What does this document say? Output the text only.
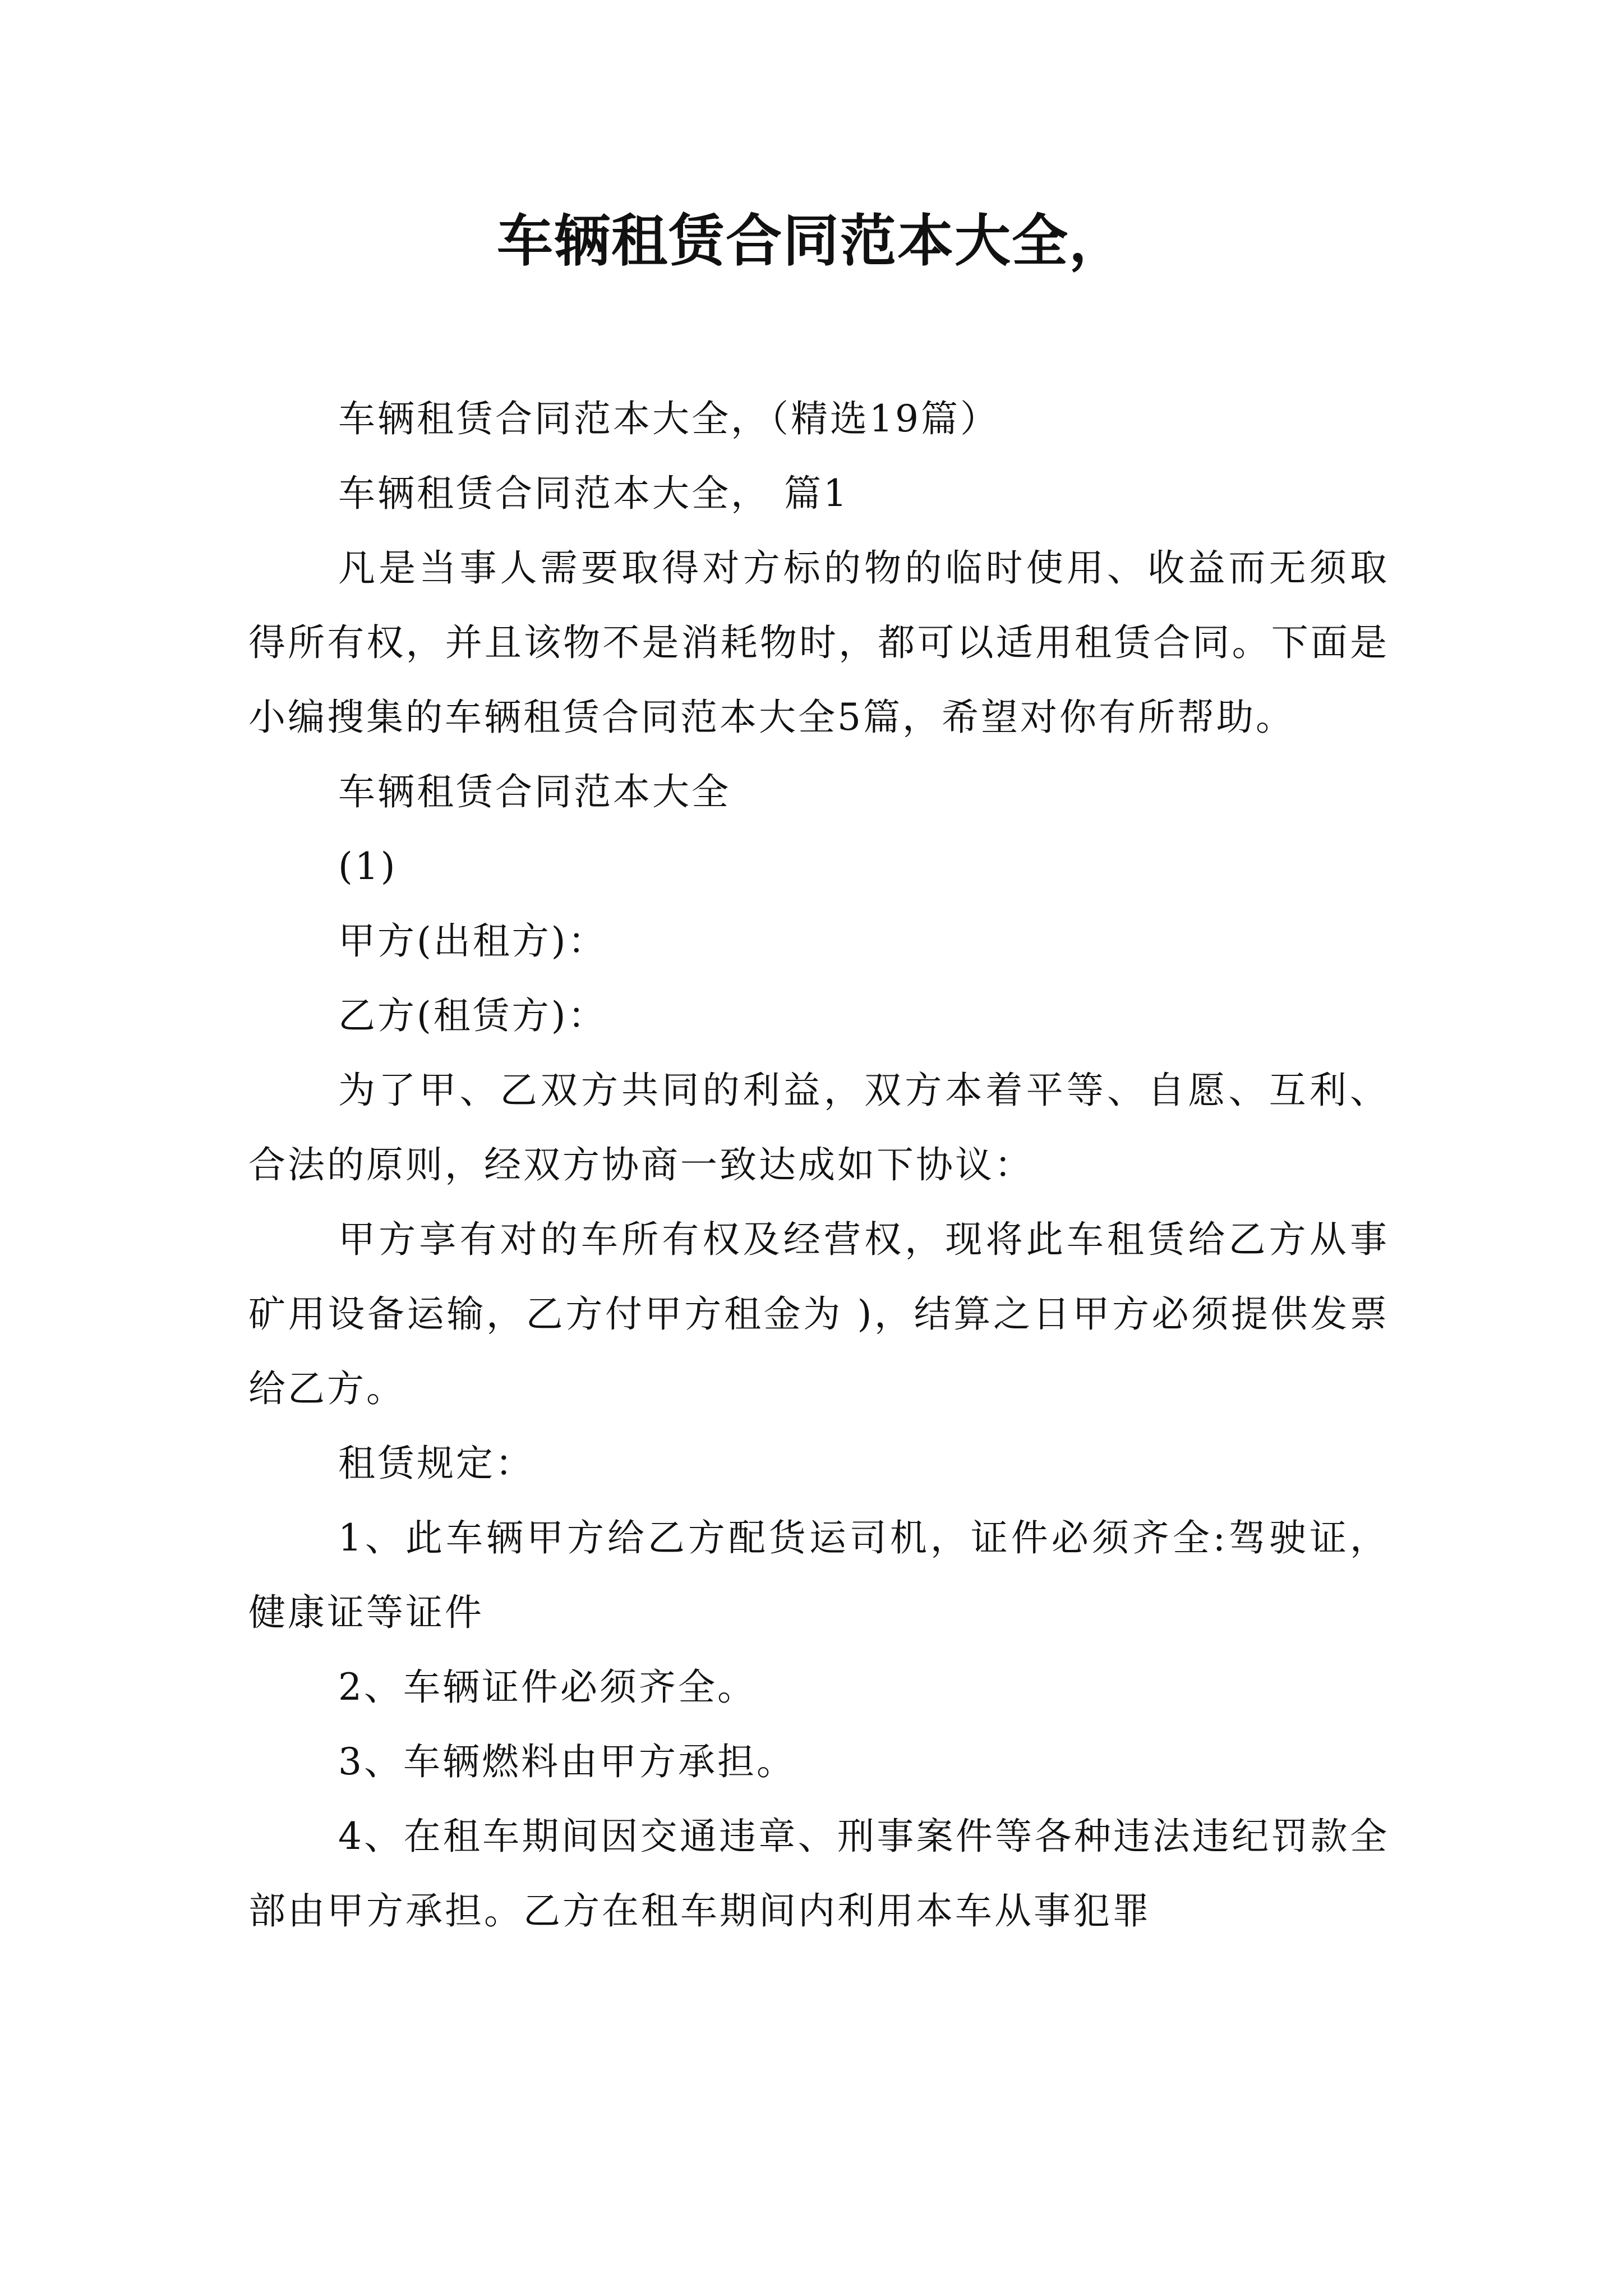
车辆租赁合同范本大全，

车辆租赁合同范本大全，（精选19篇）

车辆租赁合同范本大全， 篇1

凡是当事人需要取得对方标的物的临时使用、收益而无须取得所有权，并且该物不是消耗物时，都可以适用租赁合同。下面是小编搜集的车辆租赁合同范本大全5篇，希望对你有所帮助。

车辆租赁合同范本大全

(1)

甲方(出租方)：

乙方(租赁方)：

为了甲、乙双方共同的利益，双方本着平等、自愿、互利、合法的原则，经双方协商一致达成如下协议：

甲方享有对的车所有权及经营权，现将此车租赁给乙方从事矿用设备运输，乙方付甲方租金为 )，结算之日甲方必须提供发票给乙方。

租赁规定：

1、此车辆甲方给乙方配货运司机，证件必须齐全:驾驶证，健康证等证件

2、车辆证件必须齐全。

3、车辆燃料由甲方承担。

4、在租车期间因交通违章、刑事案件等各种违法违纪罚款全部由甲方承担。乙方在租车期间内利用本车从事犯罪
